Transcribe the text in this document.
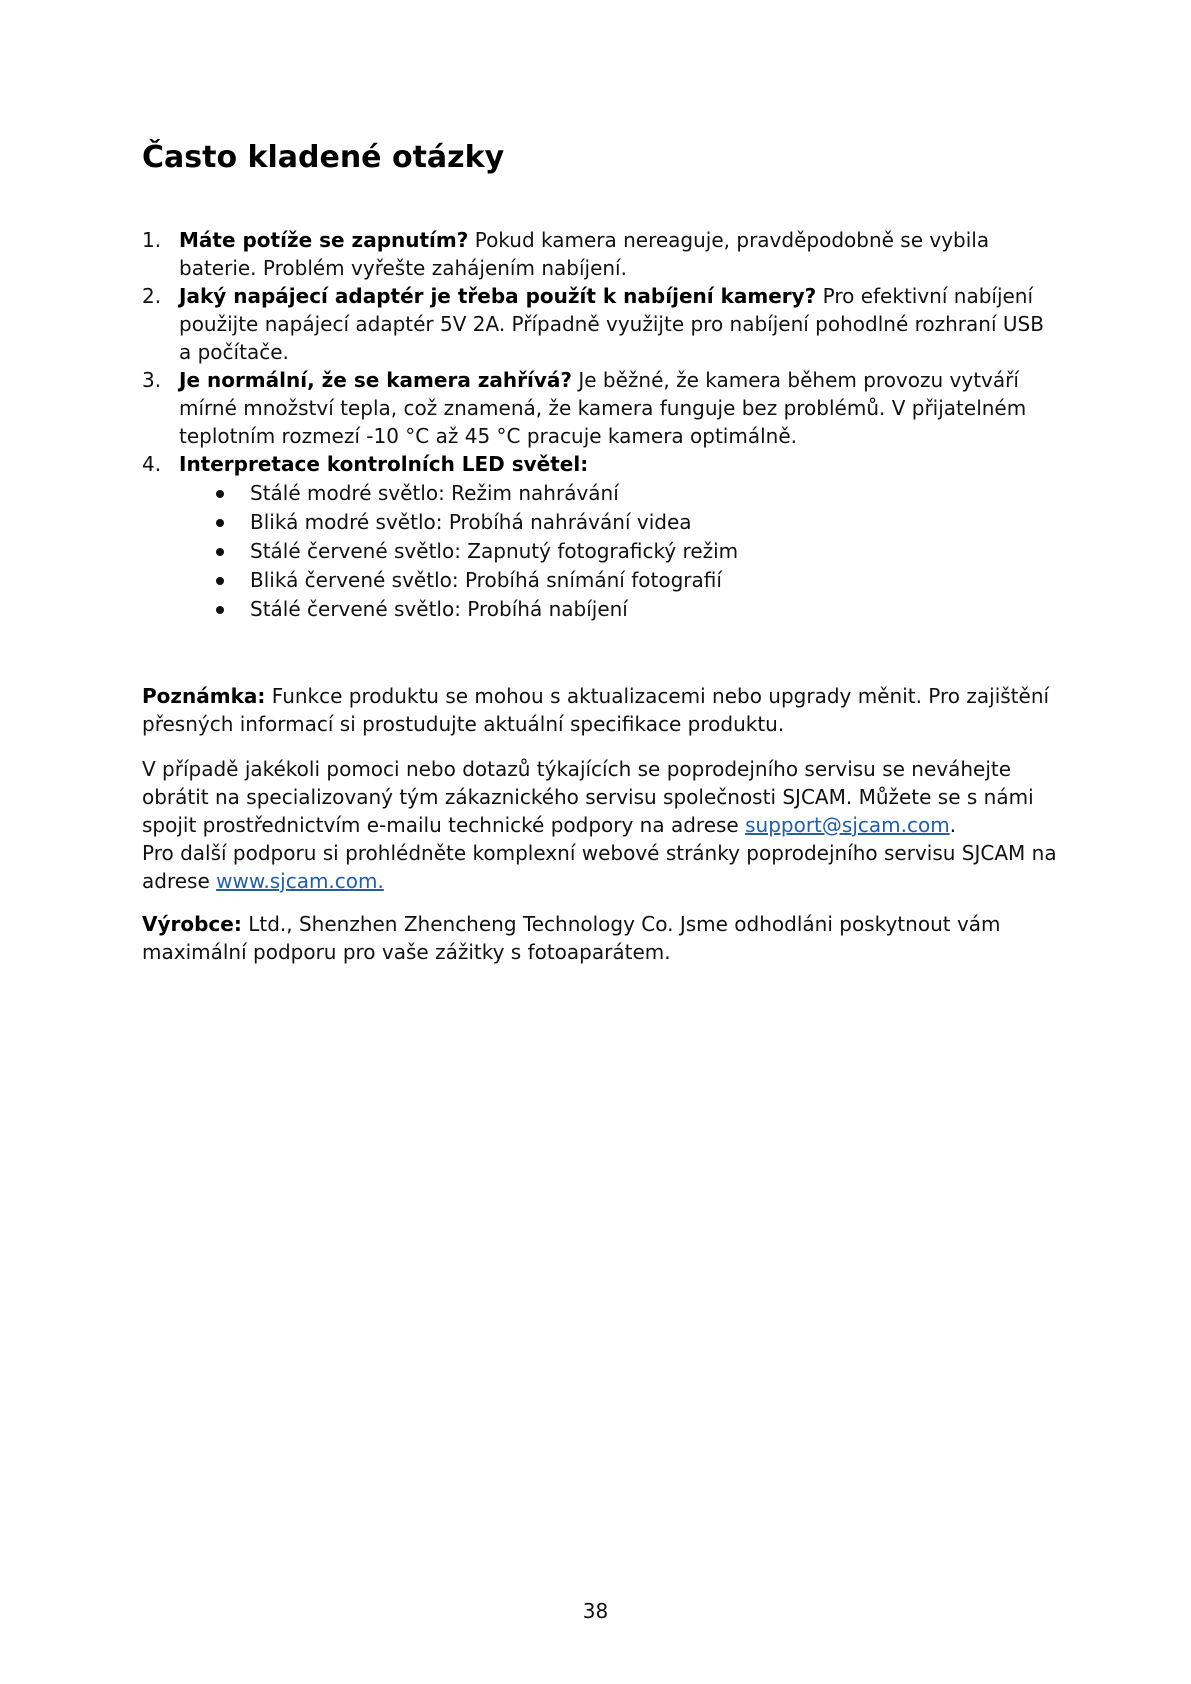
Často kladené otázky
1. Máte potíže se zapnutím? Pokud kamera nereaguje, pravděpodobně se vybila baterie. Problém vyřešte zahájením nabíjení.
2. Jaký napájecí adaptér je třeba použít k nabíjení kamery? Pro efektivní nabíjení použijte napájecí adaptér 5V 2A. Případně využijte pro nabíjení pohodlné rozhraní USB a počítače.
3. Je normální, že se kamera zahřívá? Je běžné, že kamera během provozu vytváří mírné množství tepla, což znamená, že kamera funguje bez problémů. V přijatelném teplotním rozmezí -10 °C až 45 °C pracuje kamera optimálně.
4. Interpretace kontrolních LED světel:
Stálé modré světlo: Režim nahrávání
Bliká modré světlo: Probíhá nahrávání videa
Stálé červené světlo: Zapnutý fotografický režim
Bliká červené světlo: Probíhá snímání fotografií
Stálé červené světlo: Probíhá nabíjení

Poznámka: Funkce produktu se mohou s aktualizacemi nebo upgrady měnit. Pro zajištění přesných informací si prostudujte aktuální specifikace produktu.

V případě jakékoli pomoci nebo dotazů týkajících se poprodejního servisu se neváhejte obrátit na specializovaný tým zákaznického servisu společnosti SJCAM. Můžete se s námi spojit prostřednictvím e-mailu technické podpory na adrese support@sjcam.com.
Pro další podporu si prohlédněte komplexní webové stránky poprodejního servisu SJCAM na adrese www.sjcam.com.

Výrobce: Ltd., Shenzhen Zhencheng Technology Co. Jsme odhodláni poskytnout vám maximální podporu pro vaše zážitky s fotoaparátem.

38
